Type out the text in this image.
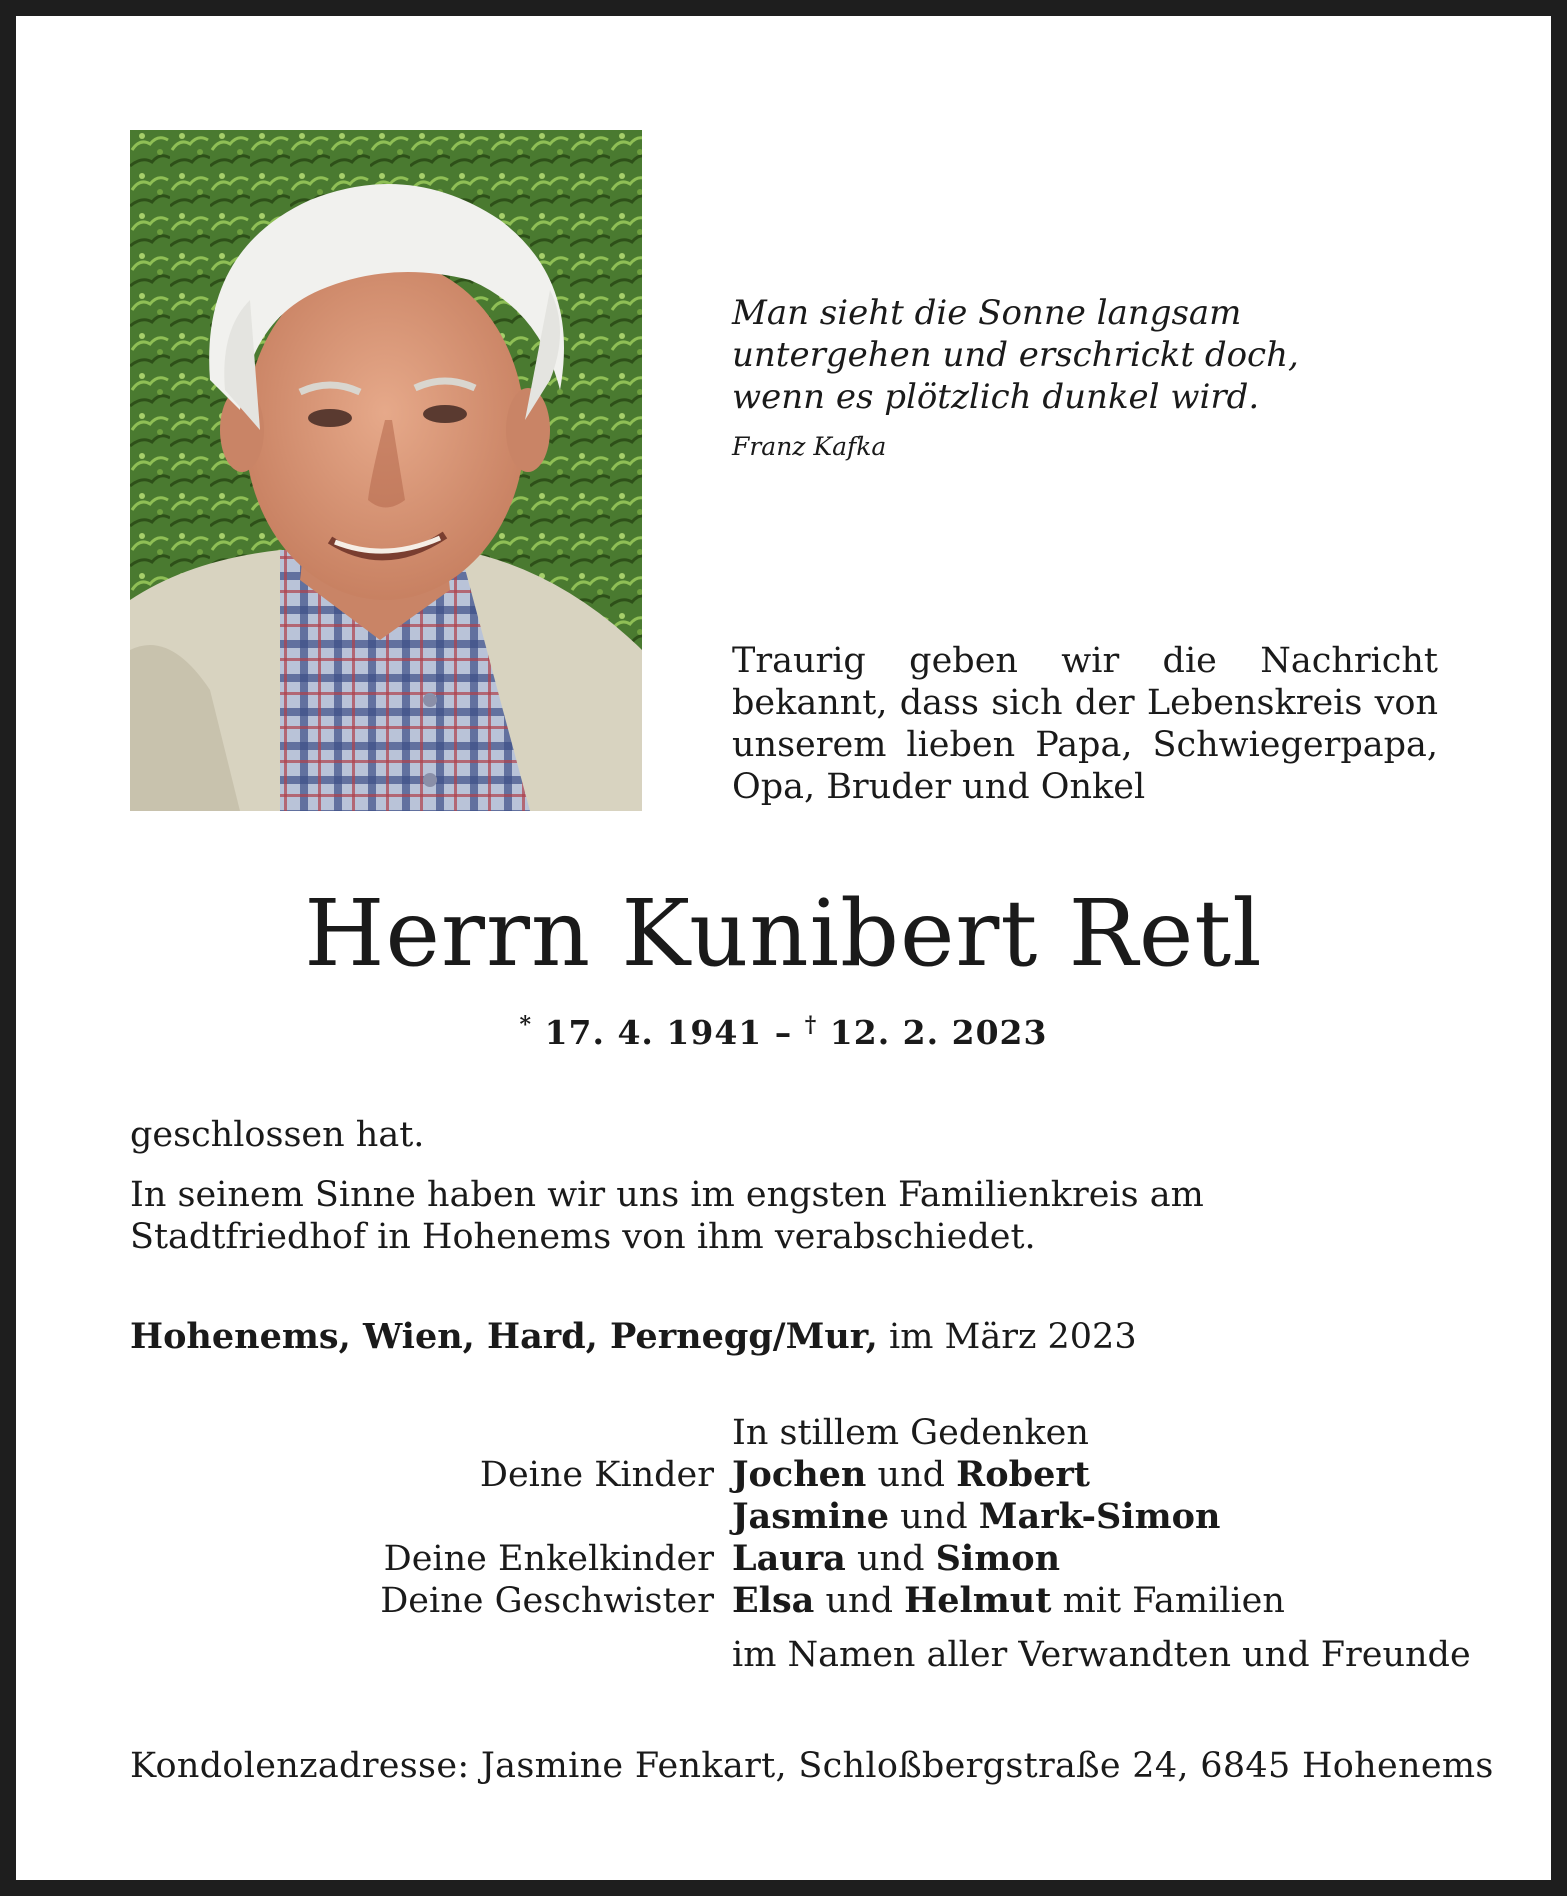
Man sieht die Sonne langsam
untergehen und erschrickt doch,
wenn es plötzlich dunkel wird.
Franz Kafka
Traurig geben wir die Nachricht bekannt, dass sich der Lebenskreis von unserem lieben Papa, Schwiegerpapa, Opa, Bruder und Onkel
Herrn Kunibert Retl
* 17. 4. 1941 – † 12. 2. 2023
geschlossen hat.
In seinem Sinne haben wir uns im engsten Familienkreis am Stadtfriedhof in Hohenems von ihm verabschiedet.
Hohenems, Wien, Hard, Pernegg/Mur, im März 2023
In stillem Gedenken
Deine Kinder Jochen und Robert
Jasmine und Mark-Simon
Deine Enkelkinder Laura und Simon
Deine Geschwister Elsa und Helmut mit Familien
im Namen aller Verwandten und Freunde
Kondolenzadresse: Jasmine Fenkart, Schloßbergstraße 24, 6845 Hohenems
